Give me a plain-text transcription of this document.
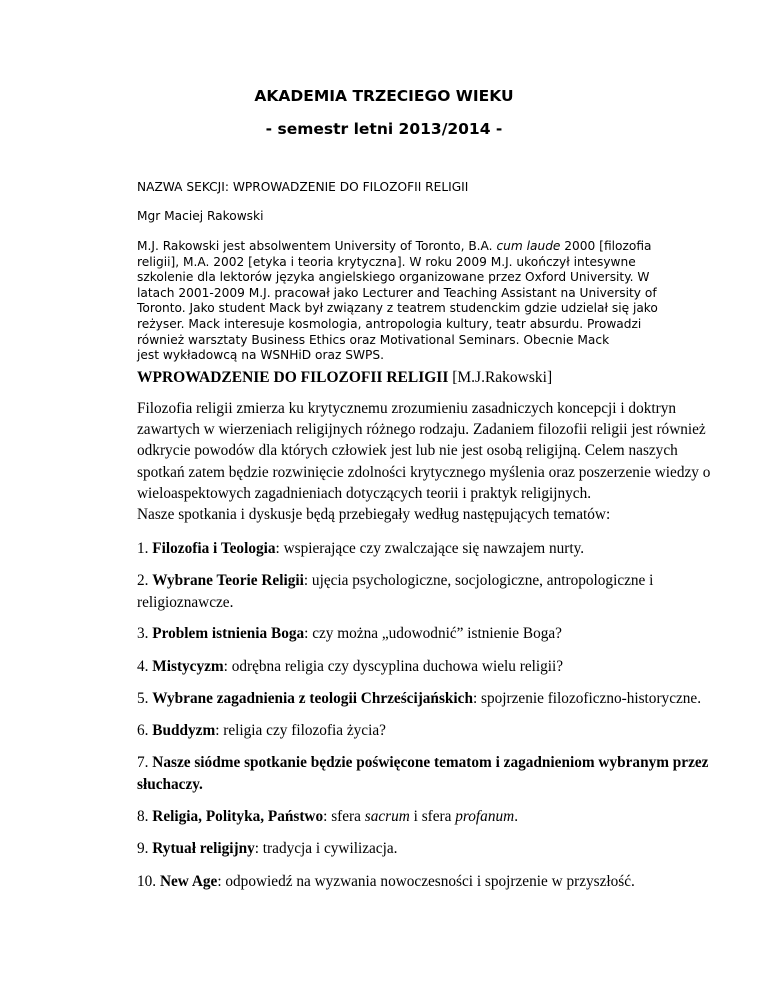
AKADEMIA TRZECIEGO WIEKU
- semestr letni 2013/2014 -
NAZWA SEKCJI: WPROWADZENIE DO FILOZOFII RELIGII
Mgr Maciej Rakowski
M.J. Rakowski jest absolwentem University of Toronto, B.A. cum laude 2000 [filozofia
religii], M.A. 2002 [etyka i teoria krytyczna]. W roku 2009 M.J. ukończył intesywne
szkolenie dla lektorów języka angielskiego organizowane przez Oxford University. W
latach 2001-2009 M.J. pracował jako Lecturer and Teaching Assistant na University of
Toronto. Jako student Mack był związany z teatrem studenckim gdzie udzielał się jako
reżyser. Mack interesuje kosmologia, antropologia kultury, teatr absurdu. Prowadzi
również warsztaty Business Ethics oraz Motivational Seminars. Obecnie Mack
jest wykładowcą na WSNHiD oraz SWPS.
WPROWADZENIE DO FILOZOFII RELIGII [M.J.Rakowski]
Filozofia religii zmierza ku krytycznemu zrozumieniu zasadniczych koncepcji i doktryn
zawartych w wierzeniach religijnych różnego rodzaju. Zadaniem filozofii religii jest również
odkrycie powodów dla których człowiek jest lub nie jest osobą religijną. Celem naszych
spotkań zatem będzie rozwinięcie zdolności krytycznego myślenia oraz poszerzenie wiedzy o
wieloaspektowych zagadnieniach dotyczących teorii i praktyk religijnych.
Nasze spotkania i dyskusje będą przebiegały według następujących tematów:
1. Filozofia i Teologia: wspierające czy zwalczające się nawzajem nurty.
2. Wybrane Teorie Religii: ujęcia psychologiczne, socjologiczne, antropologiczne i
religioznawcze.
3. Problem istnienia Boga: czy można „udowodnić” istnienie Boga?
4. Mistycyzm: odrębna religia czy dyscyplina duchowa wielu religii?
5. Wybrane zagadnienia z teologii Chrześcijańskich: spojrzenie filozoficzno-historyczne.
6. Buddyzm: religia czy filozofia życia?
7. Nasze siódme spotkanie będzie poświęcone tematom i zagadnieniom wybranym przez
słuchaczy.
8. Religia, Polityka, Państwo: sfera sacrum i sfera profanum.
9. Rytuał religijny: tradycja i cywilizacja.
10. New Age: odpowiedź na wyzwania nowoczesności i spojrzenie w przyszłość.
